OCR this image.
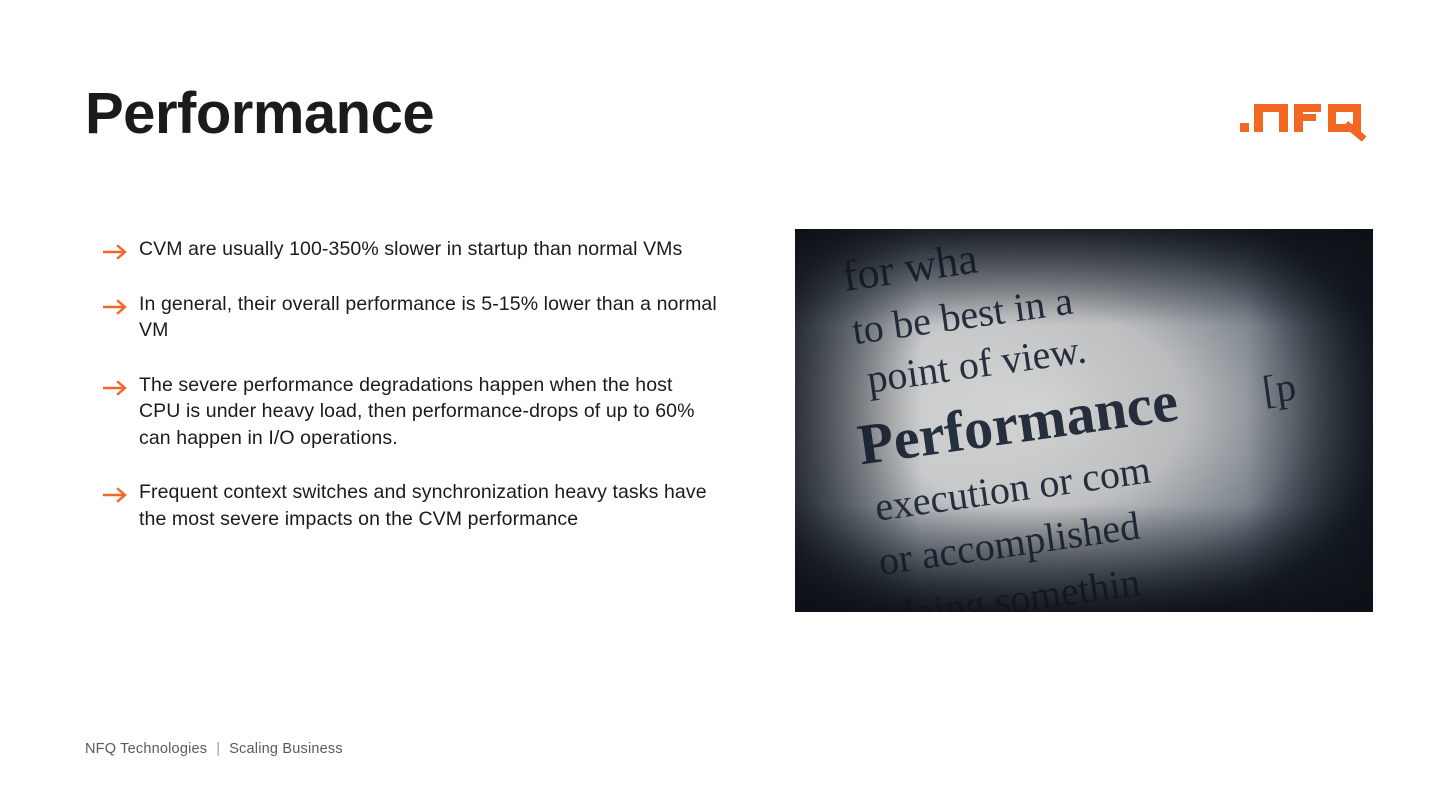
Performance
CVM are usually 100-350% slower in startup than normal VMs
In general, their overall performance is 5-15% lower than a normal VM
The severe performance degradations happen when the host CPU is under heavy load, then performance-drops of up to 60% can happen in I/O operations.
Frequent context switches and synchronization heavy tasks have the most severe impacts on the CVM performance
NFQ Technologies | Scaling Business
